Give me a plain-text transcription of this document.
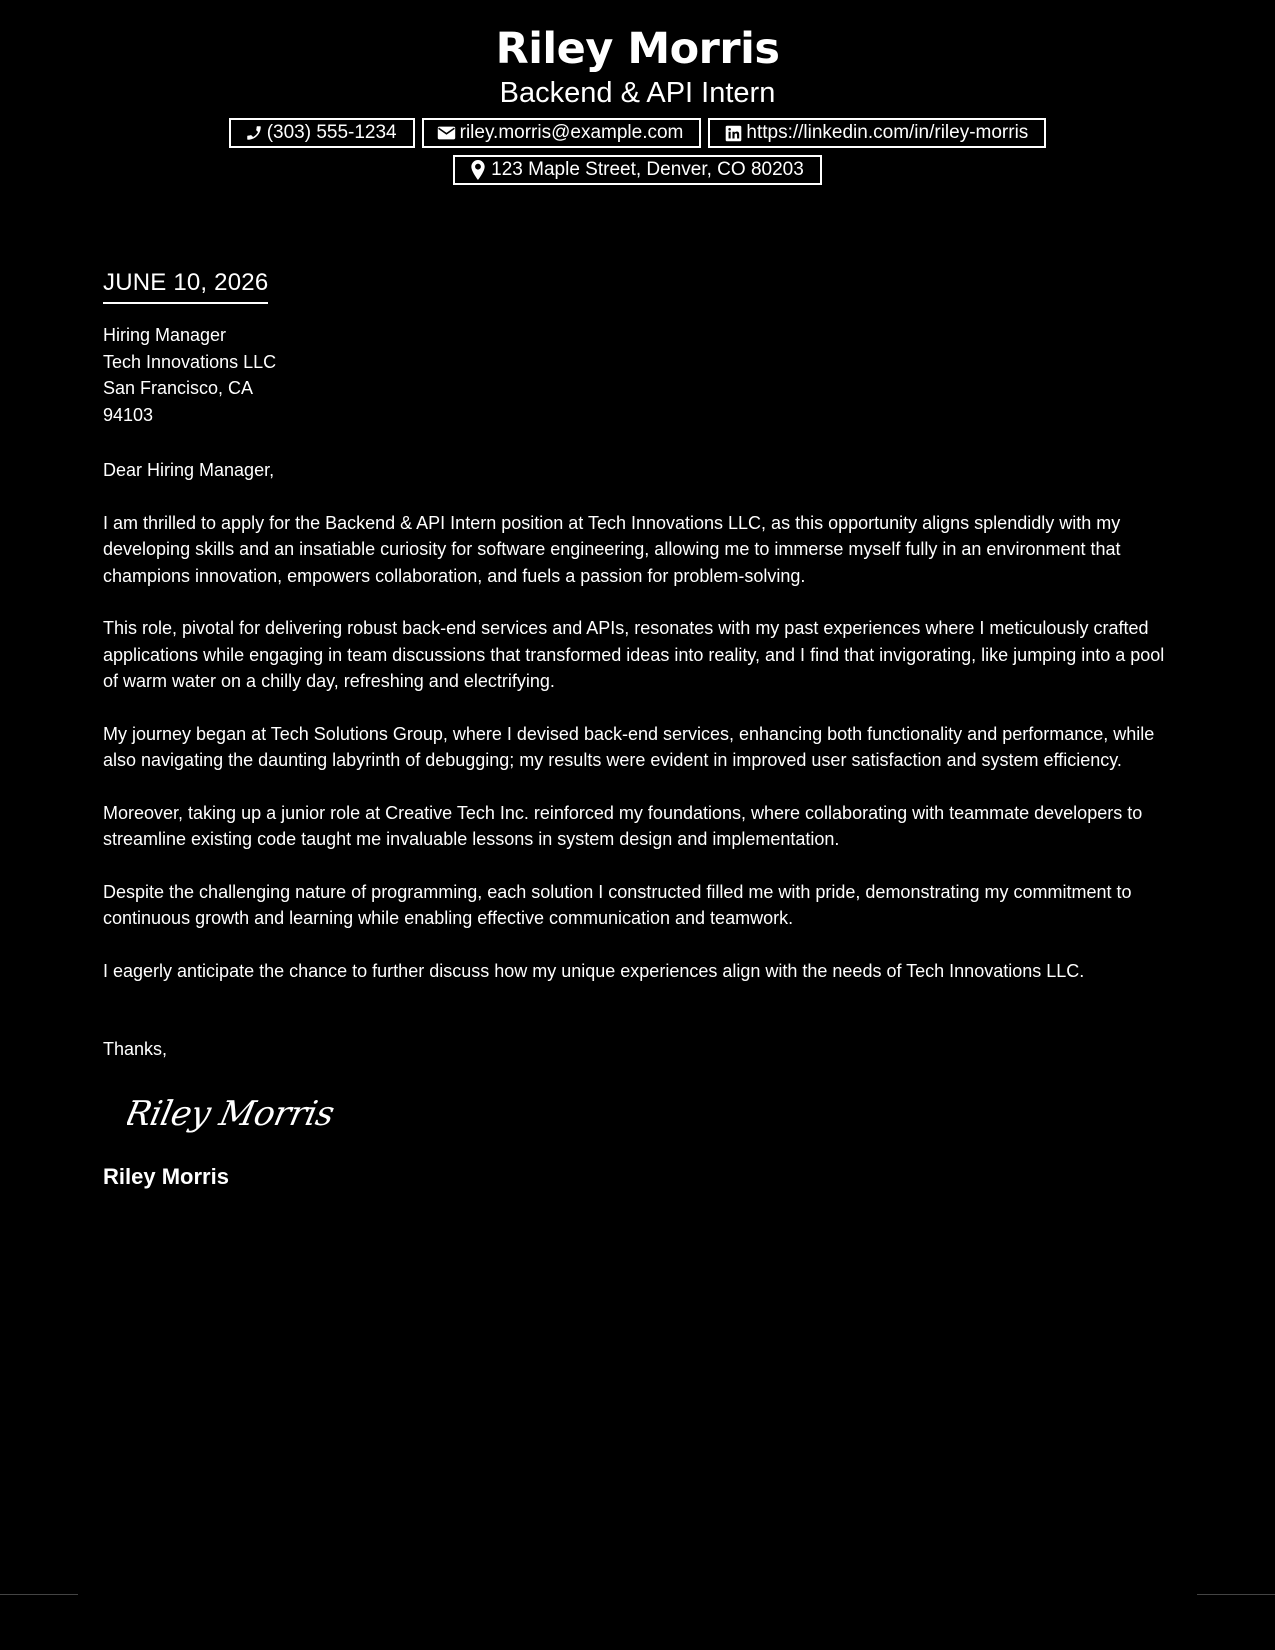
Riley Morris
Backend & API Intern
(303) 555-1234	riley.morris@example.com	https://linkedin.com/in/riley-morris
123 Maple Street, Denver, CO 80203
JUNE 10, 2026
Hiring Manager
Tech Innovations LLC
San Francisco, CA
94103
Dear Hiring Manager,
I am thrilled to apply for the Backend & API Intern position at Tech Innovations LLC, as this opportunity aligns splendidly with my developing skills and an insatiable curiosity for software engineering, allowing me to immerse myself fully in an environment that champions innovation, empowers collaboration, and fuels a passion for problem-solving.
This role, pivotal for delivering robust back-end services and APIs, resonates with my past experiences where I meticulously crafted applications while engaging in team discussions that transformed ideas into reality, and I find that invigorating, like jumping into a pool of warm water on a chilly day, refreshing and electrifying.
My journey began at Tech Solutions Group, where I devised back-end services, enhancing both functionality and performance, while also navigating the daunting labyrinth of debugging; my results were evident in improved user satisfaction and system efficiency.
Moreover, taking up a junior role at Creative Tech Inc. reinforced my foundations, where collaborating with teammate developers to streamline existing code taught me invaluable lessons in system design and implementation.
Despite the challenging nature of programming, each solution I constructed filled me with pride, demonstrating my commitment to continuous growth and learning while enabling effective communication and teamwork.
I eagerly anticipate the chance to further discuss how my unique experiences align with the needs of Tech Innovations LLC.
Thanks,
Riley Morris
Riley Morris
